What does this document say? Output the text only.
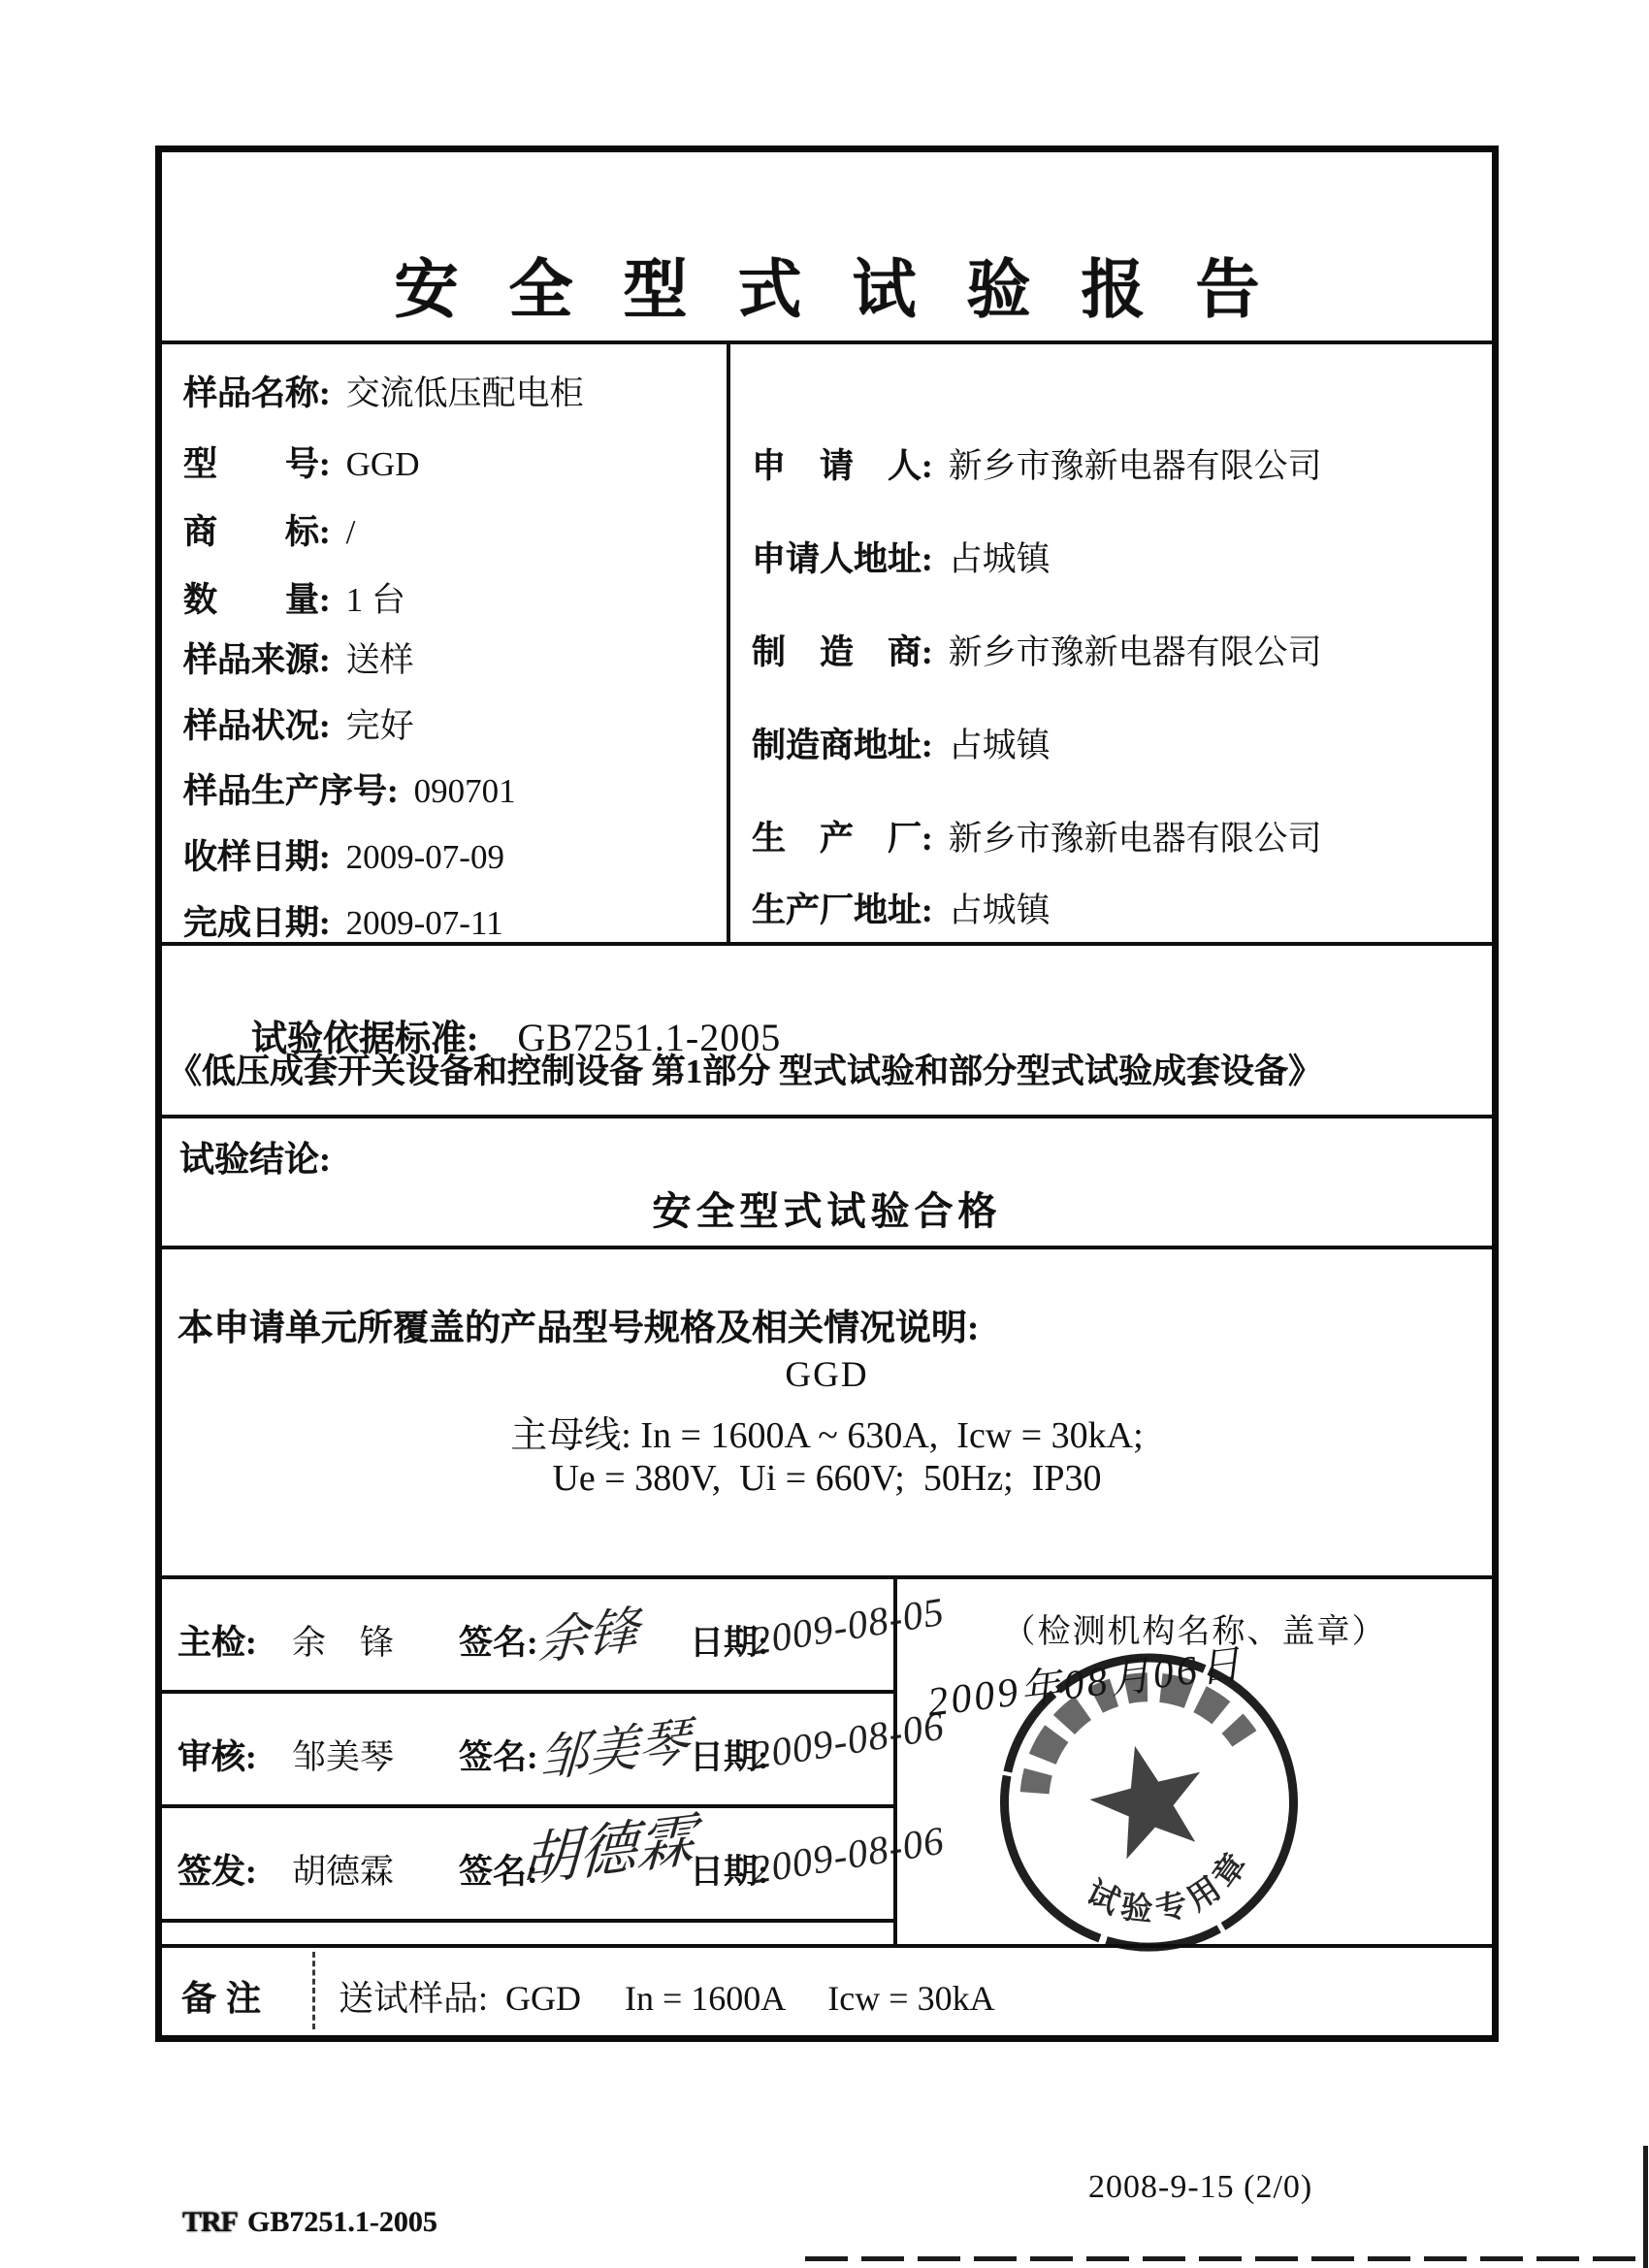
安全型式试验报告
样品名称: 交流低压配电柜
型　　号: GGD
商　　标: /
数　　量: 1 台
样品来源: 送样
样品状况: 完好
样品生产序号: 090701
收样日期: 2009-07-09
完成日期: 2009-07-11
申　请　人: 新乡市豫新电器有限公司
申请人地址: 占城镇
制　造　商: 新乡市豫新电器有限公司
制造商地址: 占城镇
生　产　厂: 新乡市豫新电器有限公司
生产厂地址: 占城镇

试验依据标准: GB7251.1-2005

《低压成套开关设备和控制设备 第1部分 型式试验和部分型式试验成套设备》
试验结论:
安全型式试验合格
本申请单元所覆盖的产品型号规格及相关情况说明:
GGD
主母线: In = 1600A ~ 630A,  Icw = 30kA;
Ue = 380V,  Ui = 660V;  50Hz;  IP30
主检: 余　锋 签名:
余锋 日期:
2009-08-05
审核: 邹美琴 签名: 邹美琴 日期:
2009-08-06
签发: 胡德霖 签名:
胡德霖
日期:
2009-08-06
（检测机构名称、盖章）
2009年08月06日
试验专用章
备注 送试样品:  GGD     In = 1600A     Icw = 30kA

TRF GB7251.1-2005

2008-9-15 (2/0)
